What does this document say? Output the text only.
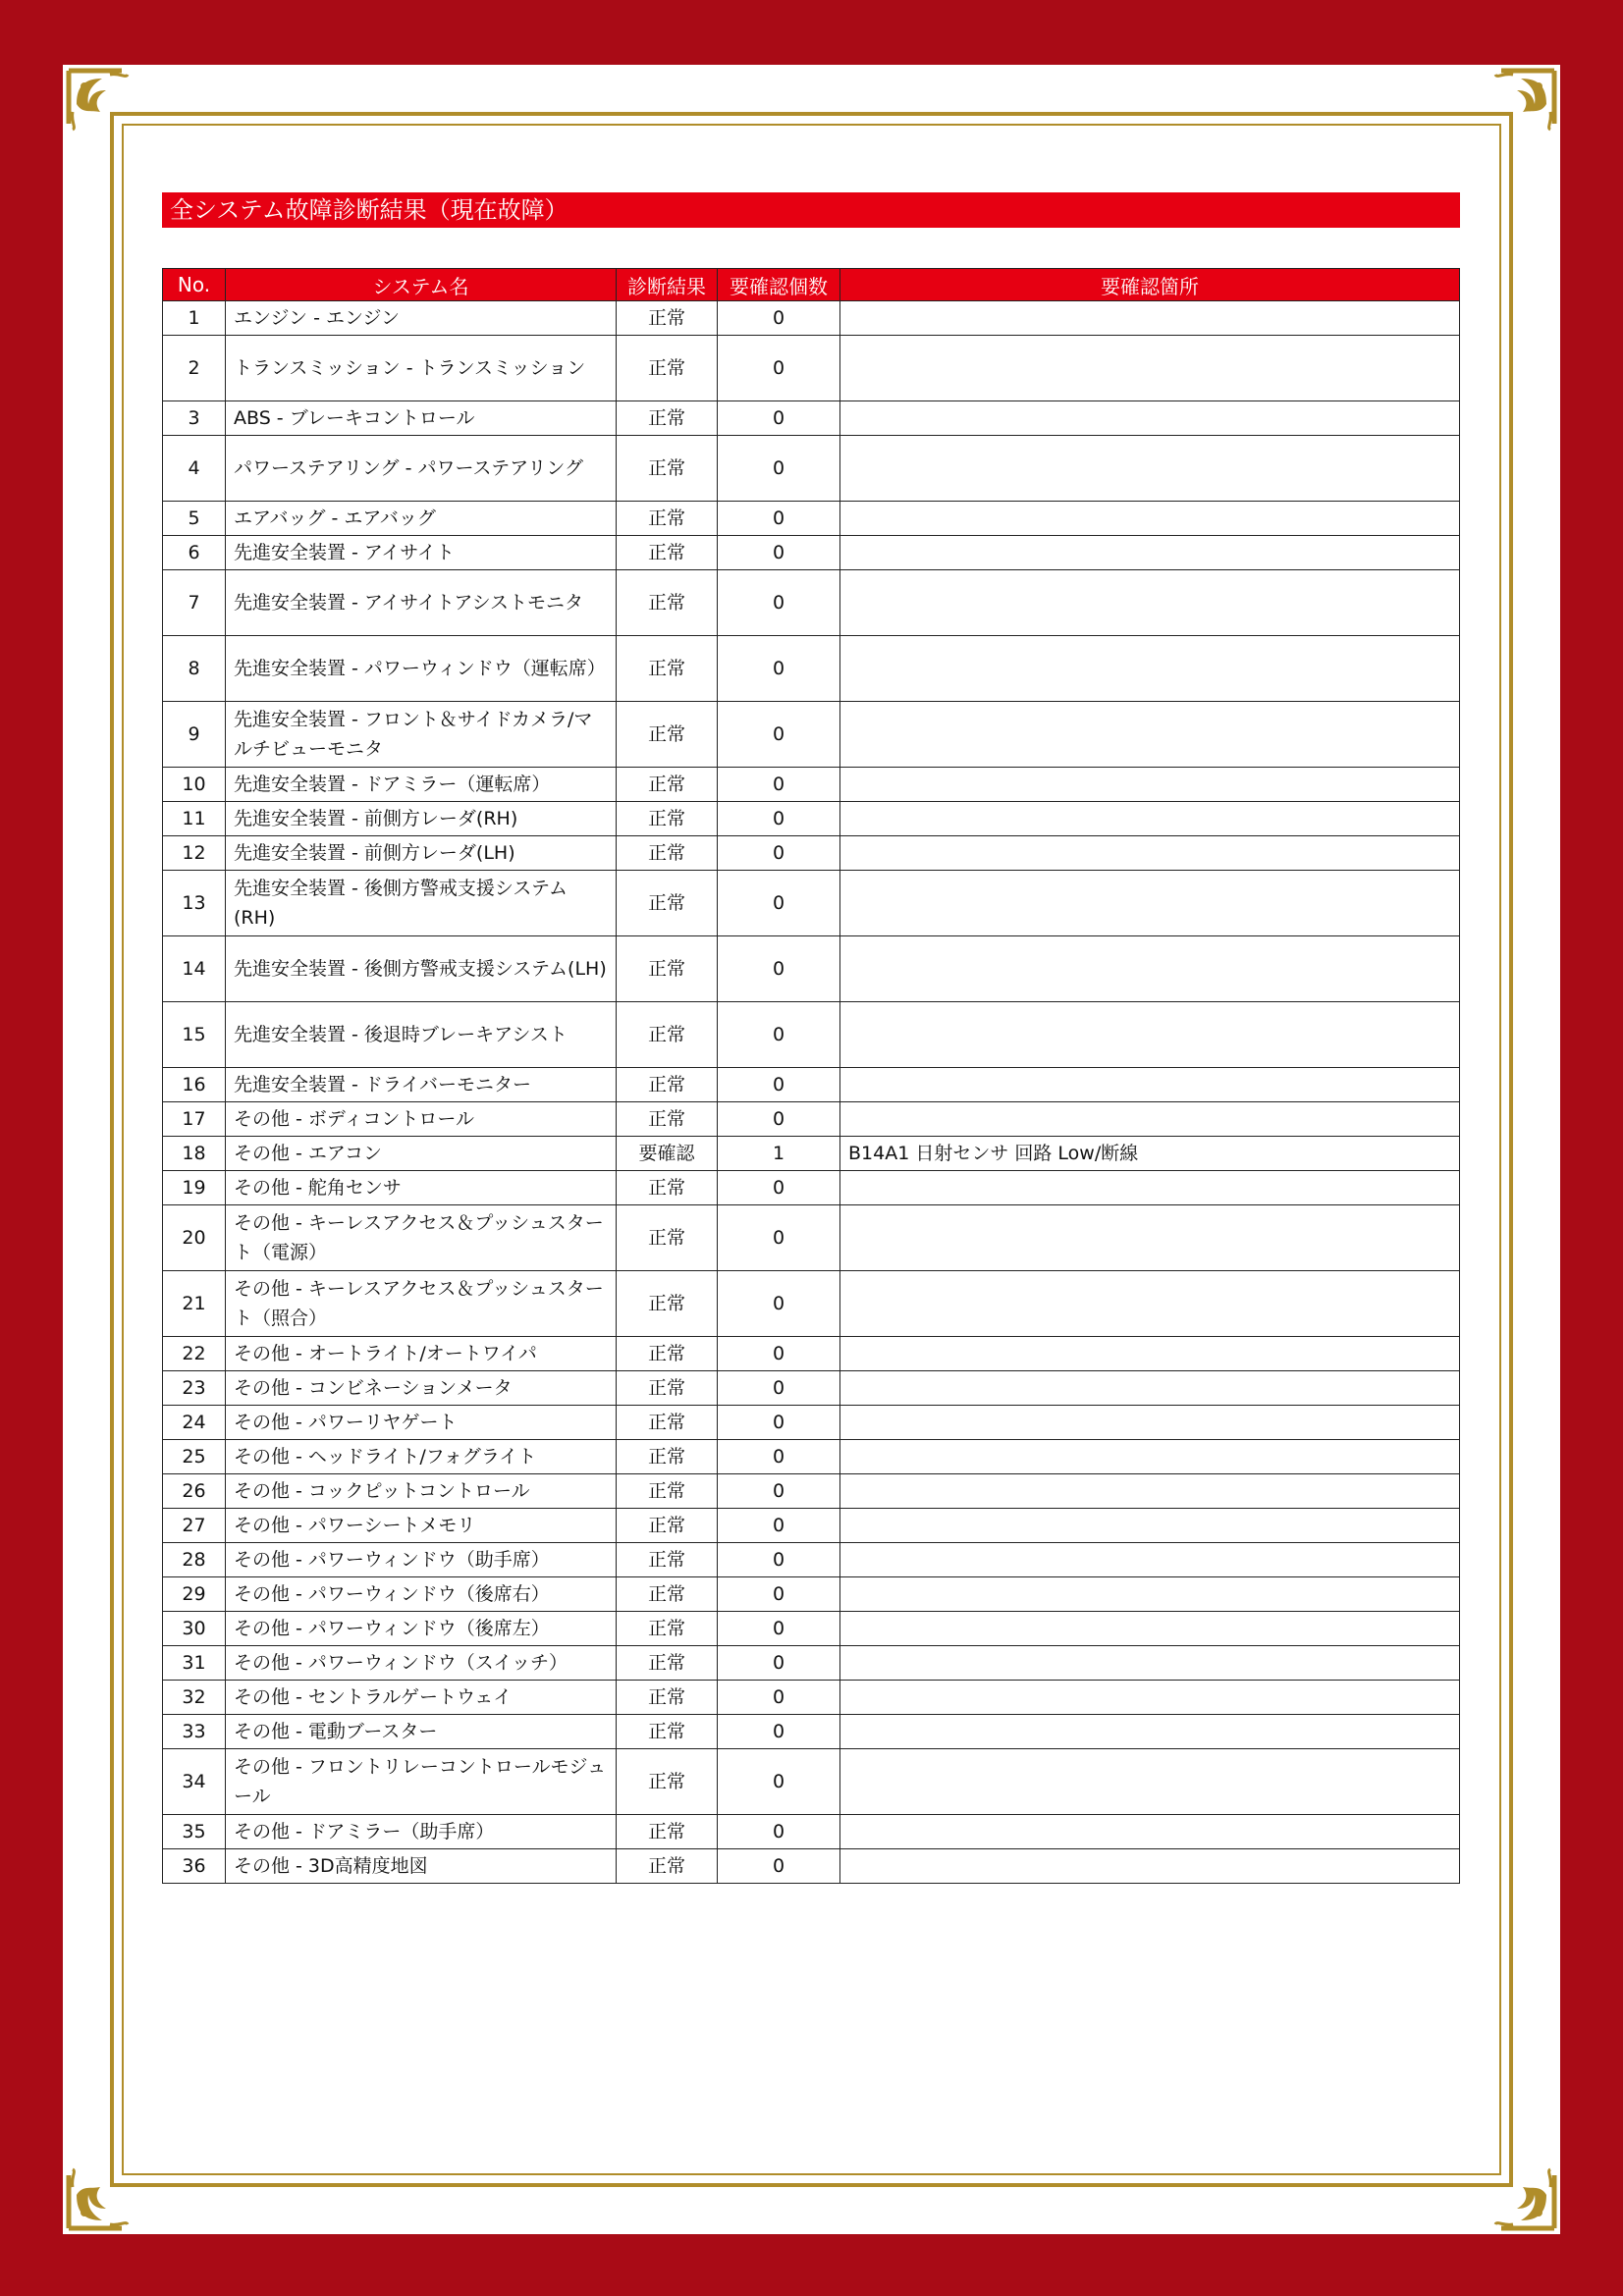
全システム故障診断結果（現在故障）
No.	システム名	診断結果	要確認個数	要確認箇所
1	エンジン - エンジン	正常	0	
2	トランスミッション - トランスミッション	正常	0	
3	ABS - ブレーキコントロール	正常	0	
4	パワーステアリング - パワーステアリング	正常	0	
5	エアバッグ - エアバッグ	正常	0	
6	先進安全装置 - アイサイト	正常	0	
7	先進安全装置 - アイサイトアシストモニタ	正常	0	
8	先進安全装置 - パワーウィンドウ（運転席）	正常	0	
9	先進安全装置 - フロント＆サイドカメラ/マルチビューモニタ	正常	0	
10	先進安全装置 - ドアミラー（運転席）	正常	0	
11	先進安全装置 - 前側方レーダ(RH)	正常	0	
12	先進安全装置 - 前側方レーダ(LH)	正常	0	
13	先進安全装置 - 後側方警戒支援システム(RH)	正常	0	
14	先進安全装置 - 後側方警戒支援システム(LH)	正常	0	
15	先進安全装置 - 後退時ブレーキアシスト	正常	0	
16	先進安全装置 - ドライバーモニター	正常	0	
17	その他 - ボディコントロール	正常	0	
18	その他 - エアコン	要確認	1	B14A1 日射センサ 回路 Low/断線
19	その他 - 舵角センサ	正常	0	
20	その他 - キーレスアクセス＆プッシュスタート（電源）	正常	0	
21	その他 - キーレスアクセス＆プッシュスタート（照合）	正常	0	
22	その他 - オートライト/オートワイパ	正常	0	
23	その他 - コンビネーションメータ	正常	0	
24	その他 - パワーリヤゲート	正常	0	
25	その他 - ヘッドライト/フォグライト	正常	0	
26	その他 - コックピットコントロール	正常	0	
27	その他 - パワーシートメモリ	正常	0	
28	その他 - パワーウィンドウ（助手席）	正常	0	
29	その他 - パワーウィンドウ（後席右）	正常	0	
30	その他 - パワーウィンドウ（後席左）	正常	0	
31	その他 - パワーウィンドウ（スイッチ）	正常	0	
32	その他 - セントラルゲートウェイ	正常	0	
33	その他 - 電動ブースター	正常	0	
34	その他 - フロントリレーコントロールモジュール	正常	0	
35	その他 - ドアミラー（助手席）	正常	0	
36	その他 - 3D高精度地図	正常	0	
